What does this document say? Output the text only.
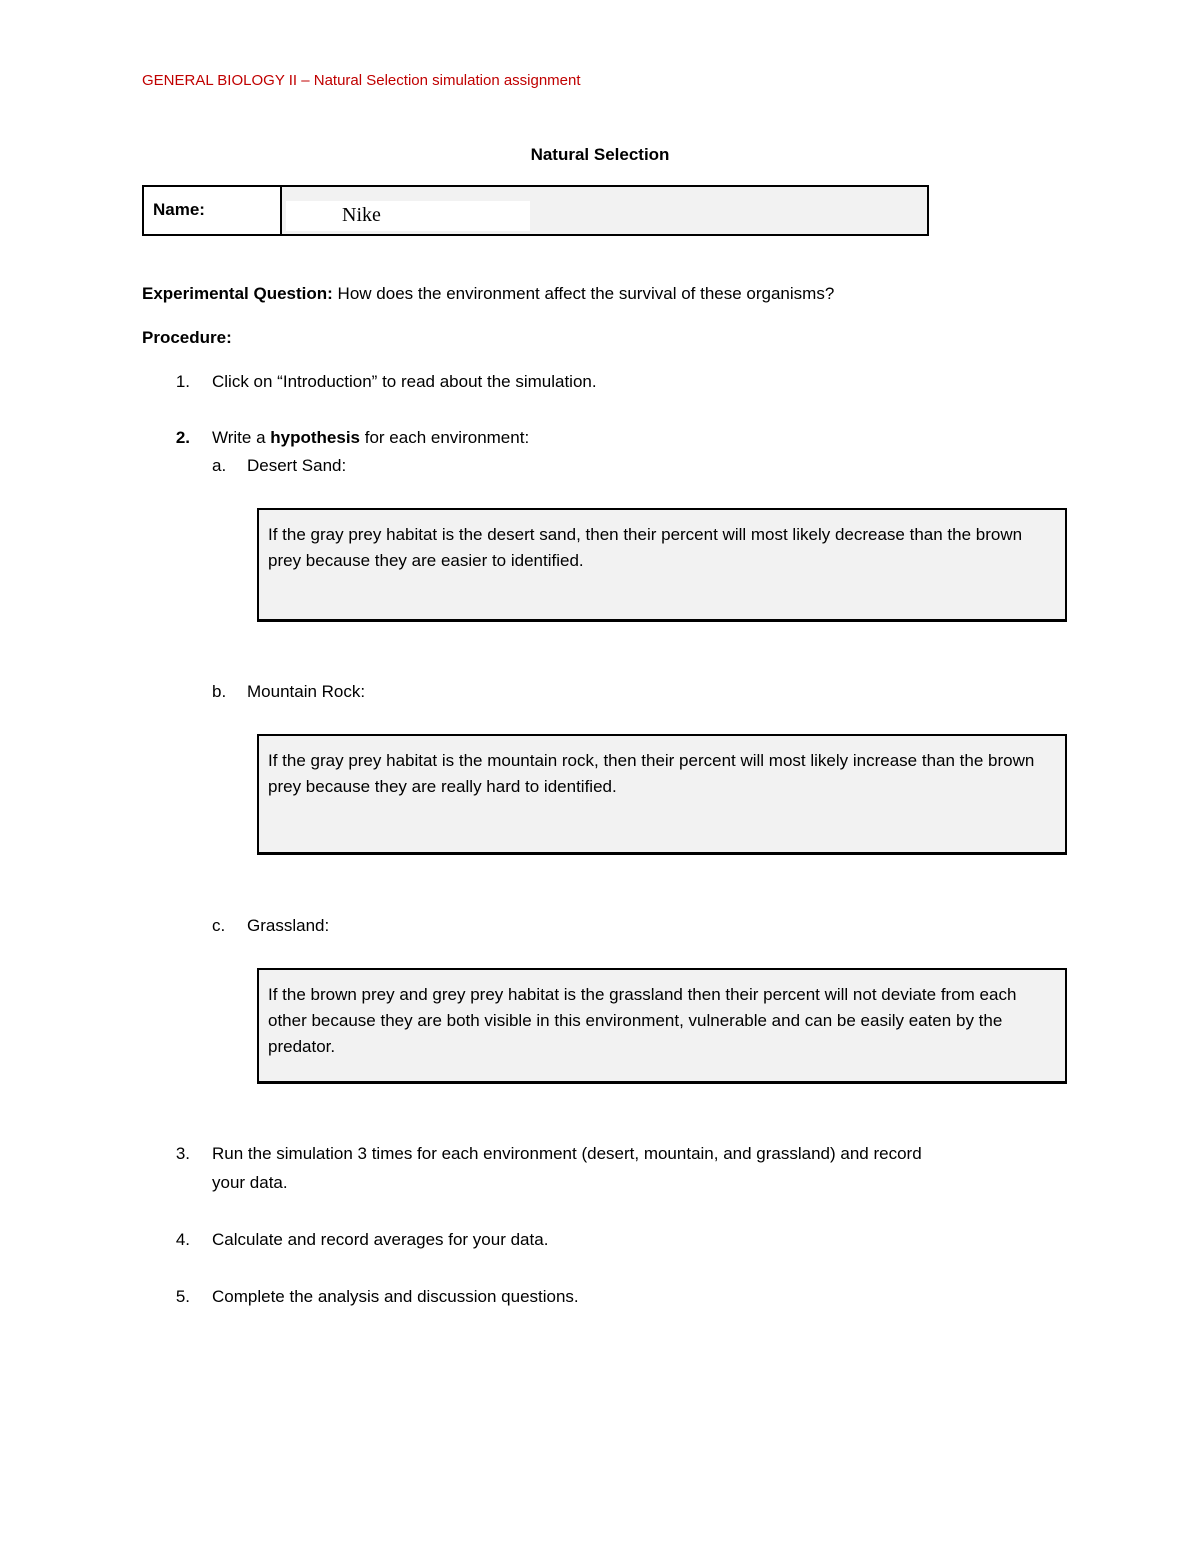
GENERAL BIOLOGY II – Natural Selection simulation assignment
Natural Selection
Name:	Nike
Experimental Question: How does the environment affect the survival of these organisms?
Procedure:
1. Click on “Introduction” to read about the simulation.
2. Write a hypothesis for each environment:
a. Desert Sand:
If the gray prey habitat is the desert sand, then their percent will most likely decrease than the brown prey because they are easier to identified.
b. Mountain Rock:
If the gray prey habitat is the mountain rock, then their percent will most likely increase than the brown prey because they are really hard to identified.
c. Grassland:
If the brown prey and grey prey habitat is the grassland then their percent will not deviate from each other because they are both visible in this environment, vulnerable and can be easily eaten by the predator.
3. Run the simulation 3 times for each environment (desert, mountain, and grassland) and record
your data.
4. Calculate and record averages for your data.
5. Complete the analysis and discussion questions.
